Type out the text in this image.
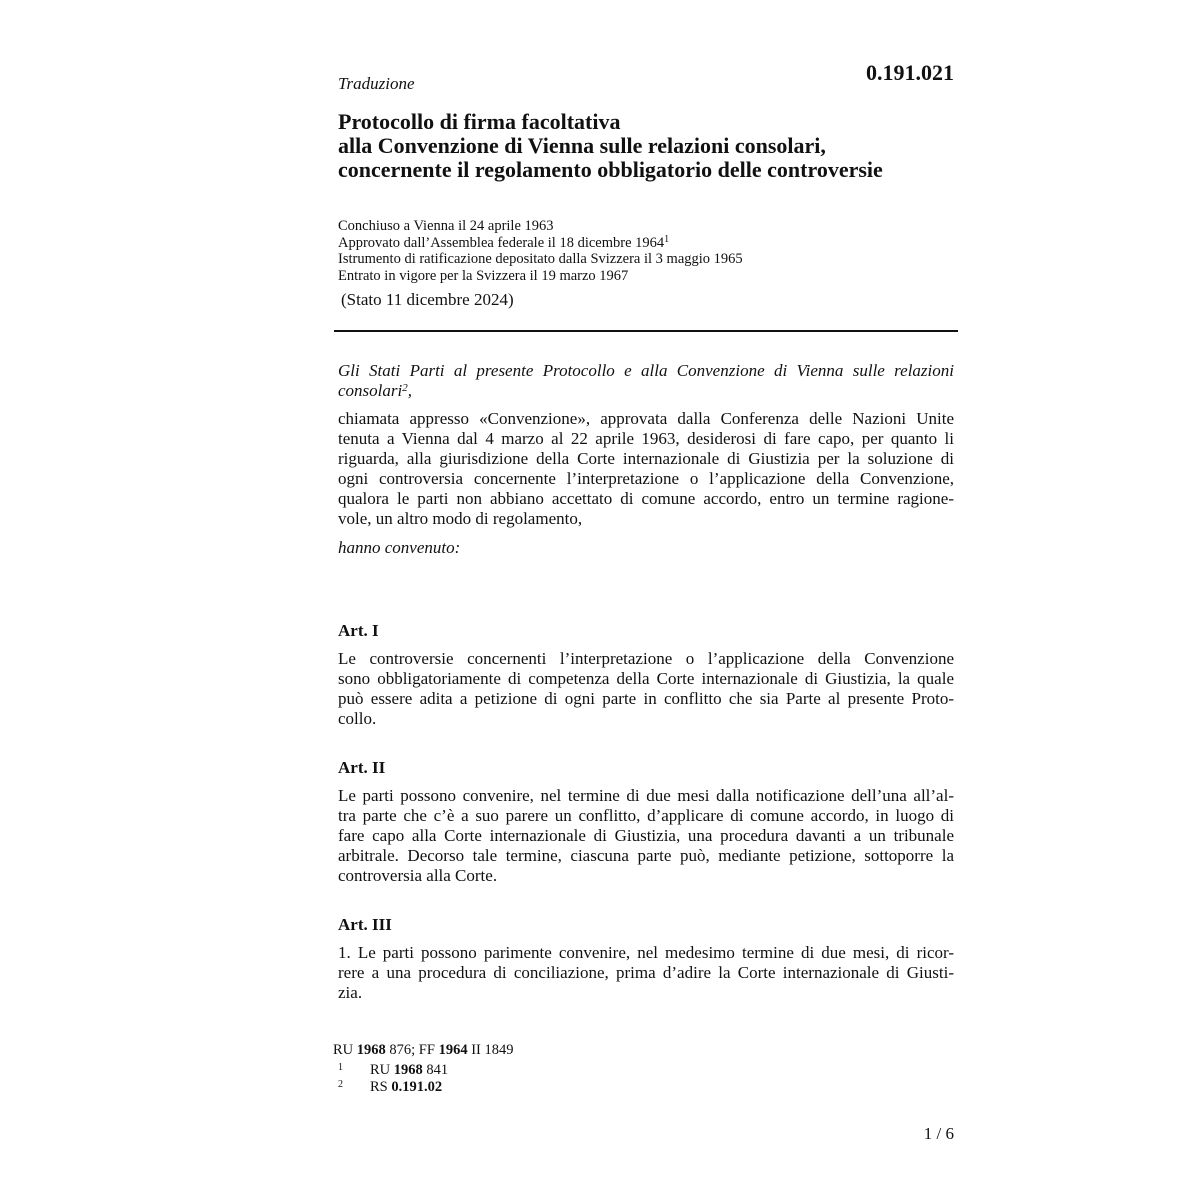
Traduzione	0.191.021
Protocollo di firma facoltativa
alla Convenzione di Vienna sulle relazioni consolari,
concernente il regolamento obbligatorio delle controversie
Conchiuso a Vienna il 24 aprile 1963
Approvato dall’Assemblea federale il 18 dicembre 1964$^1$
Istrumento di ratificazione depositato dalla Svizzera il 3 maggio 1965
Entrato in vigore per la Svizzera il 19 marzo 1967
(Stato 11 dicembre 2024)
Gli Stati Parti al presente Protocollo e alla Convenzione di Vienna sulle relazioni
consolari$^2$,
chiamata appresso «Convenzione», approvata dalla Conferenza delle Nazioni Unite
tenuta a Vienna dal 4 marzo al 22 aprile 1963, desiderosi di fare capo, per quanto li
riguarda, alla giurisdizione della Corte internazionale di Giustizia per la soluzione di
ogni controversia concernente l’interpretazione o l’applicazione della Convenzione,
qualora le parti non abbiano accettato di comune accordo, entro un termine ragione-
vole, un altro modo di regolamento,
hanno convenuto:
Art. I
Le controversie concernenti l’interpretazione o l’applicazione della Convenzione
sono obbligatoriamente di competenza della Corte internazionale di Giustizia, la quale
può essere adita a petizione di ogni parte in conflitto che sia Parte al presente Proto-
collo.
Art. II
Le parti possono convenire, nel termine di due mesi dalla notificazione dell’una all’al-
tra parte che c’è a suo parere un conflitto, d’applicare di comune accordo, in luogo di
fare capo alla Corte internazionale di Giustizia, una procedura davanti a un tribunale
arbitrale. Decorso tale termine, ciascuna parte può, mediante petizione, sottoporre la
controversia alla Corte.
Art. III
1. Le parti possono parimente convenire, nel medesimo termine di due mesi, di ricor-
rere a una procedura di conciliazione, prima d’adire la Corte internazionale di Giusti-
zia.
RU 1968 876; FF 1964 II 1849
1 RU 1968 841
2 RS 0.191.02
1 / 6
